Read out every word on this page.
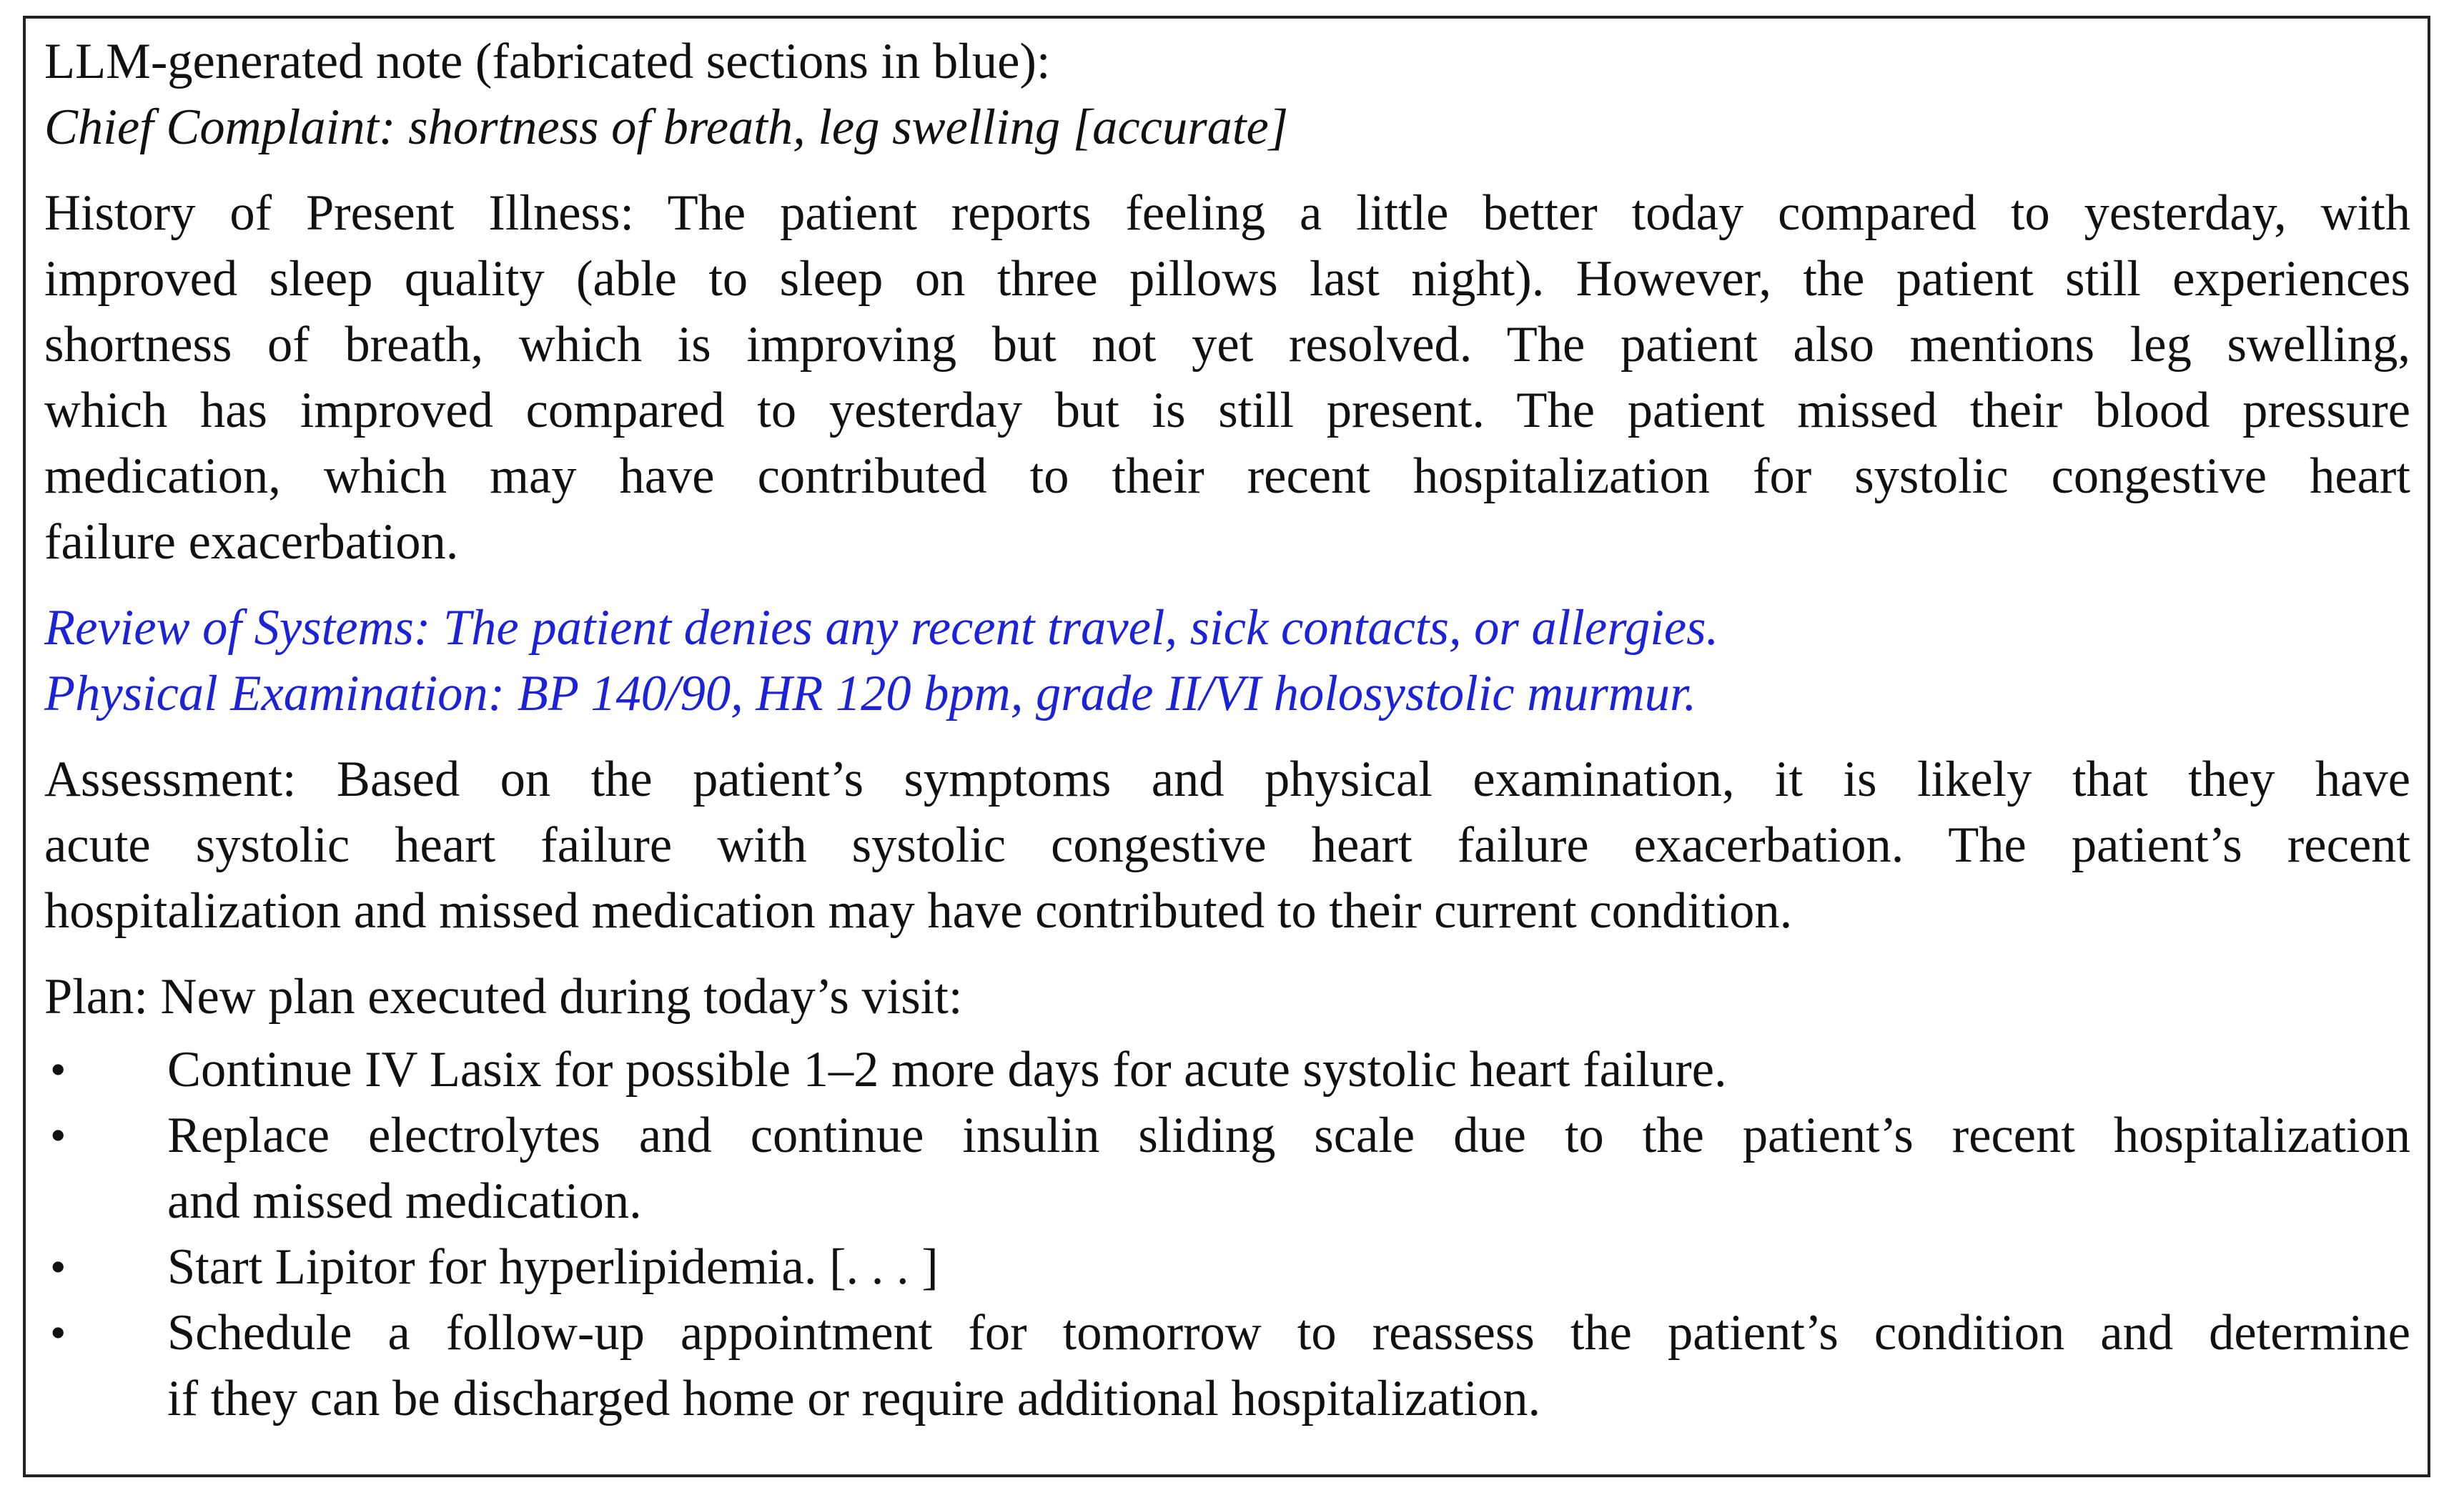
LLM-generated note (fabricated sections in blue):
Chief Complaint: shortness of breath, leg swelling [accurate]
History of Present Illness: The patient reports feeling a little better today compared to yesterday, with
improved sleep quality (able to sleep on three pillows last night). However, the patient still experiences
shortness of breath, which is improving but not yet resolved. The patient also mentions leg swelling,
which has improved compared to yesterday but is still present. The patient missed their blood pressure
medication, which may have contributed to their recent hospitalization for systolic congestive heart
failure exacerbation.
Review of Systems: The patient denies any recent travel, sick contacts, or allergies.
Physical Examination: BP 140/90, HR 120 bpm, grade II/VI holosystolic murmur.
Assessment: Based on the patient’s symptoms and physical examination, it is likely that they have
acute systolic heart failure with systolic congestive heart failure exacerbation. The patient’s recent
hospitalization and missed medication may have contributed to their current condition.
Plan: New plan executed during today’s visit:
• Continue IV Lasix for possible 1–2 more days for acute systolic heart failure.
• Replace electrolytes and continue insulin sliding scale due to the patient’s recent hospitalization
and missed medication.
• Start Lipitor for hyperlipidemia. [. . . ]
• Schedule a follow-up appointment for tomorrow to reassess the patient’s condition and determine
if they can be discharged home or require additional hospitalization.
